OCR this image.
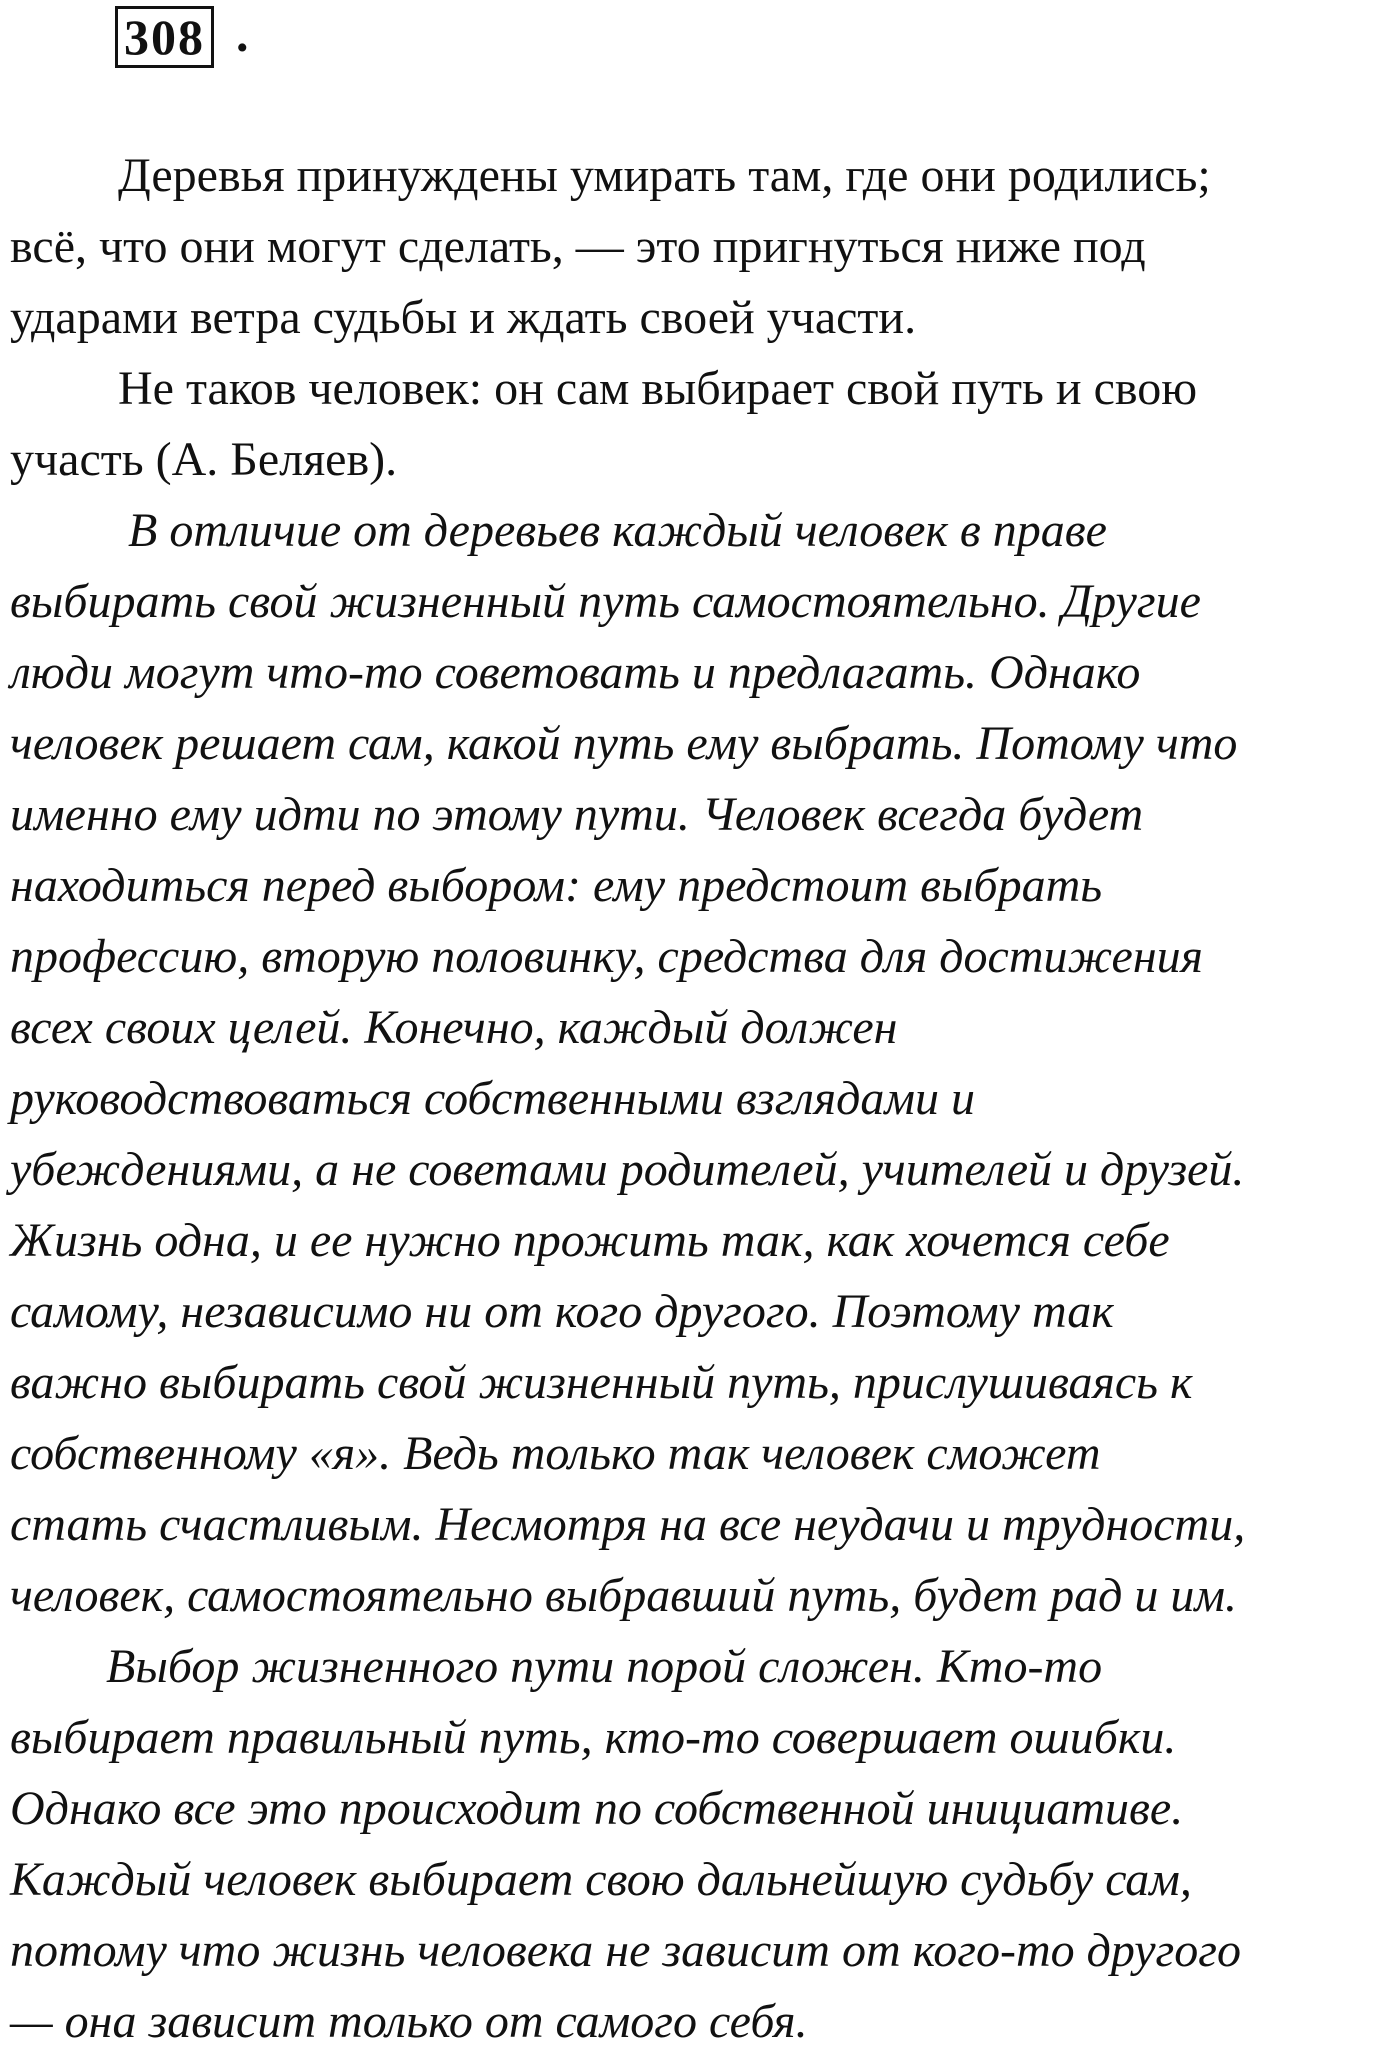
308 .
Деревья принуждены умирать там, где они родились;
всё, что они могут сделать, — это пригнуться ниже под
ударами ветра судьбы и ждать своей участи.
Не таков человек: он сам выбирает свой путь и свою
участь (А. Беляев).
В отличие от деревьев каждый человек в праве
выбирать свой жизненный путь самостоятельно. Другие
люди могут что-то советовать и предлагать. Однако
человек решает сам, какой путь ему выбрать. Потому что
именно ему идти по этому пути. Человек всегда будет
находиться перед выбором: ему предстоит выбрать
профессию, вторую половинку, средства для достижения
всех своих целей. Конечно, каждый должен
руководствоваться собственными взглядами и
убеждениями, а не советами родителей, учителей и друзей.
Жизнь одна, и ее нужно прожить так, как хочется себе
самому, независимо ни от кого другого. Поэтому так
важно выбирать свой жизненный путь, прислушиваясь к
собственному «я». Ведь только так человек сможет
стать счастливым. Несмотря на все неудачи и трудности,
человек, самостоятельно выбравший путь, будет рад и им.
Выбор жизненного пути порой сложен. Кто-то
выбирает правильный путь, кто-то совершает ошибки.
Однако все это происходит по собственной инициативе.
Каждый человек выбирает свою дальнейшую судьбу сам,
потому что жизнь человека не зависит от кого-то другого
— она зависит только от самого себя.
